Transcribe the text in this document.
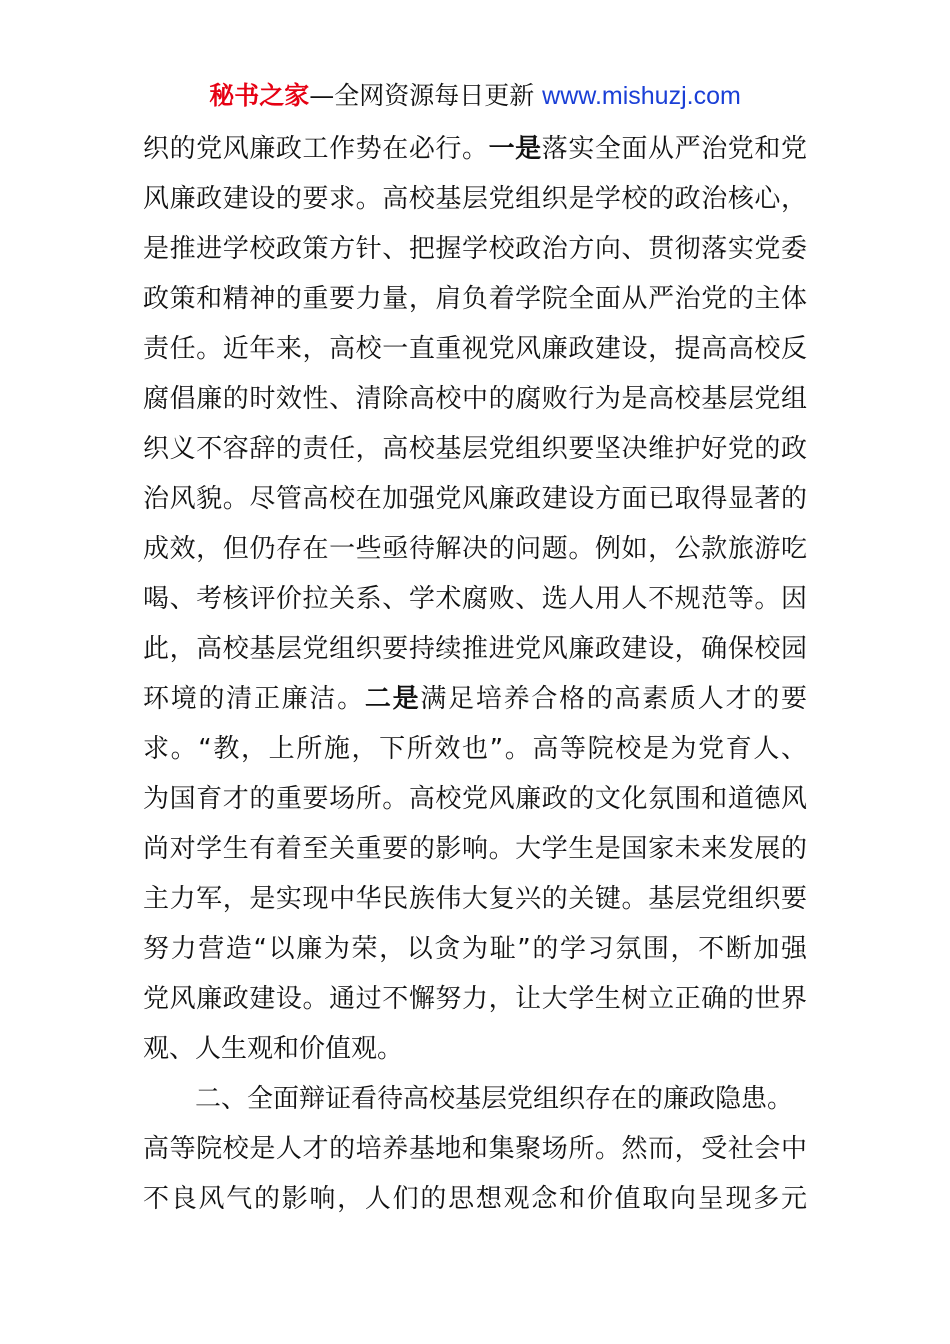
秘书之家—全网资源每日更新 www.mishuzj.com
织的党风廉政工作势在必行。一是落实全面从严治党和党
风廉政建设的要求。高校基层党组织是学校的政治核心，
是推进学校政策方针、把握学校政治方向、贯彻落实党委
政策和精神的重要力量，肩负着学院全面从严治党的主体
责任。近年来，高校一直重视党风廉政建设，提高高校反
腐倡廉的时效性、清除高校中的腐败行为是高校基层党组
织义不容辞的责任，高校基层党组织要坚决维护好党的政
治风貌。尽管高校在加强党风廉政建设方面已取得显著的
成效，但仍存在一些亟待解决的问题。例如，公款旅游吃
喝、考核评价拉关系、学术腐败、选人用人不规范等。因
此，高校基层党组织要持续推进党风廉政建设，确保校园
环境的清正廉洁。二是满足培养合格的高素质人才的要
求。“教，上所施，下所效也”。高等院校是为党育人、
为国育才的重要场所。高校党风廉政的文化氛围和道德风
尚对学生有着至关重要的影响。大学生是国家未来发展的
主力军，是实现中华民族伟大复兴的关键。基层党组织要
努力营造“以廉为荣，以贪为耻”的学习氛围，不断加强
党风廉政建设。通过不懈努力，让大学生树立正确的世界
观、人生观和价值观。
二、全面辩证看待高校基层党组织存在的廉政隐患。
高等院校是人才的培养基地和集聚场所。然而，受社会中
不良风气的影响，人们的思想观念和价值取向呈现多元
